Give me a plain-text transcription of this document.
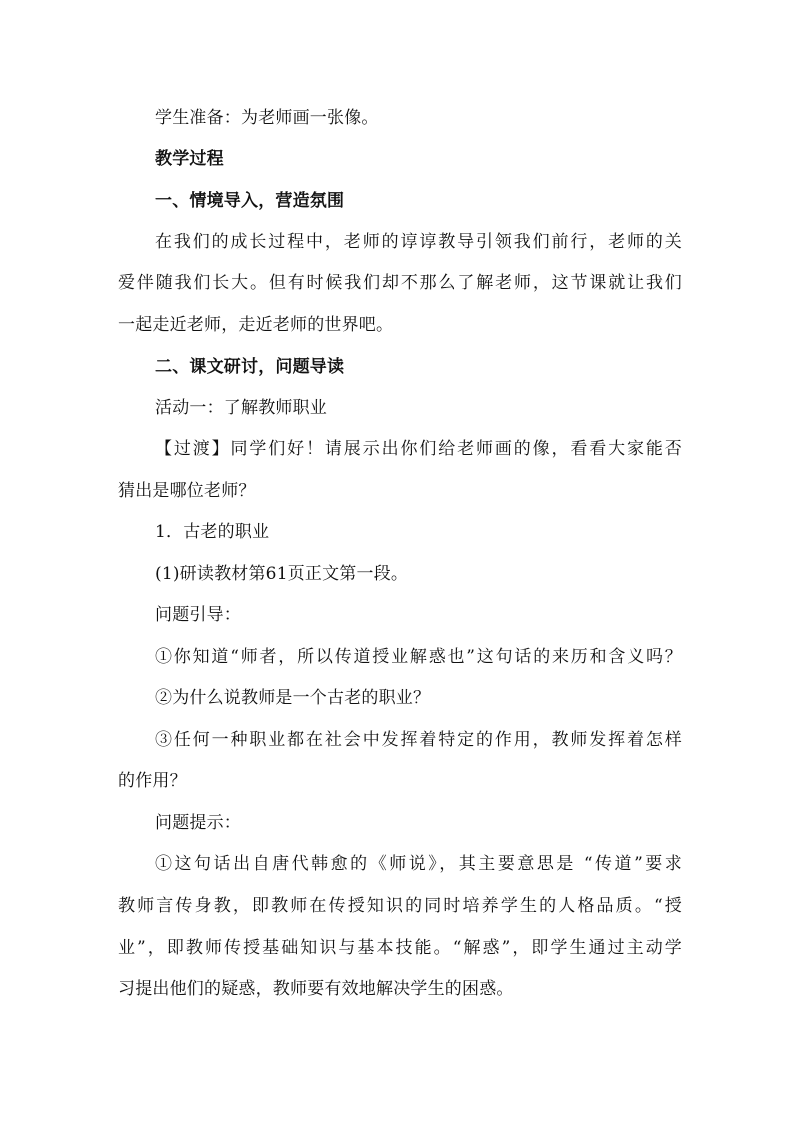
学生准备：为老师画一张像。
教学过程
一、情境导入，营造氛围
在我们的成长过程中，老师的谆谆教导引领我们前行，老师的关
爱伴随我们长大。但有时候我们却不那么了解老师，这节课就让我们
一起走近老师，走近老师的世界吧。
二、课文研讨，问题导读
活动一：了解教师职业
【过渡】同学们好！请展示出你们给老师画的像，看看大家能否
猜出是哪位老师？
1．古老的职业
(1)研读教材第61页正文第一段。
问题引导：
①你知道“师者，所以传道授业解惑也”这句话的来历和含义吗？
②为什么说教师是一个古老的职业？
③任何一种职业都在社会中发挥着特定的作用，教师发挥着怎样
的作用？
问题提示：
①这句话出自唐代韩愈的《师说》，其主要意思是 “传道”要求
教师言传身教，即教师在传授知识的同时培养学生的人格品质。“授
业”，即教师传授基础知识与基本技能。“解惑”，即学生通过主动学
习提出他们的疑惑，教师要有效地解决学生的困惑。
